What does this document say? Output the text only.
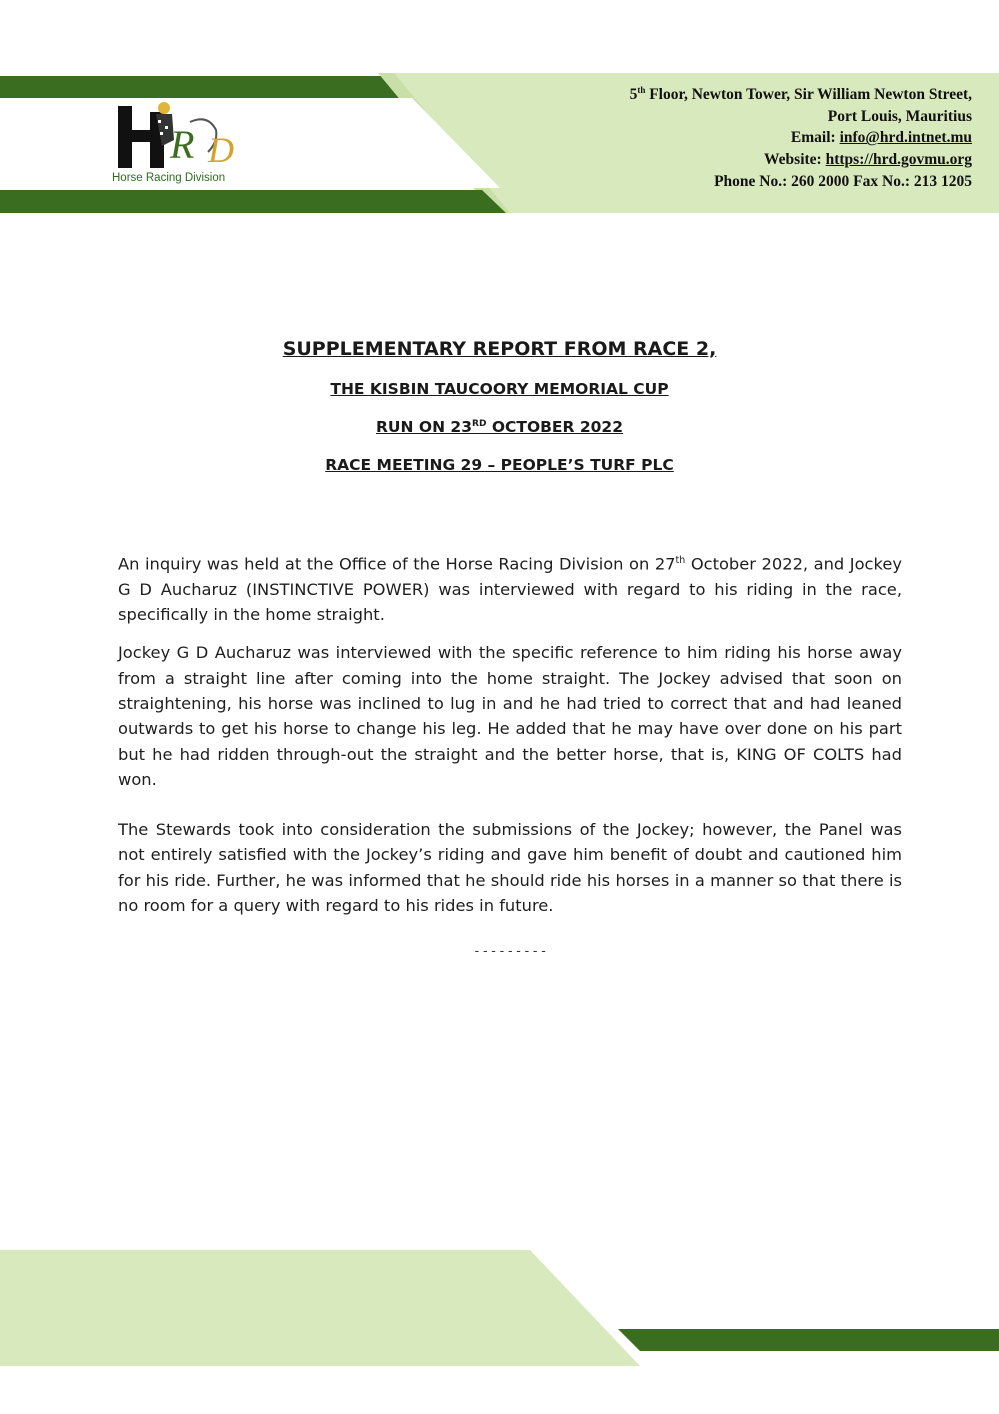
R D
Horse Racing Division
5th Floor, Newton Tower, Sir William Newton Street,
Port Louis, Mauritius
Email: info@hrd.intnet.mu
Website: https://hrd.govmu.org
Phone No.: 260 2000 Fax No.: 213 1205

SUPPLEMENTARY REPORT FROM RACE 2,

THE KISBIN TAUCOORY MEMORIAL CUP

RUN ON 23RD OCTOBER 2022

RACE MEETING 29 – PEOPLE’S TURF PLC

An inquiry was held at the Office of the Horse Racing Division on 27th October 2022, and Jockey G D Aucharuz (INSTINCTIVE POWER) was interviewed with regard to his riding in the race, specifically in the home straight.

Jockey G D Aucharuz was interviewed with the specific reference to him riding his horse away from a straight line after coming into the home straight. The Jockey advised that soon on straightening, his horse was inclined to lug in and he had tried to correct that and had leaned outwards to get his horse to change his leg. He added that he may have over done on his part but he had ridden through-out the straight and the better horse, that is, KING OF COLTS had won.

The Stewards took into consideration the submissions of the Jockey; however, the Panel was not entirely satisfied with the Jockey’s riding and gave him benefit of doubt and cautioned him for his ride. Further, he was informed that he should ride his horses in a manner so that there is no room for a query with regard to his rides in future.

---------
